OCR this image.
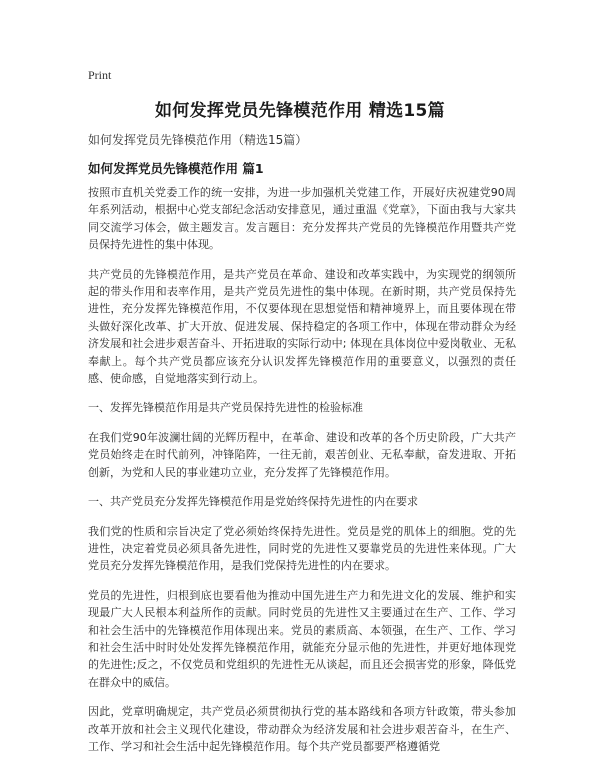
Print
如何发挥党员先锋模范作用 精选15篇
如何发挥党员先锋模范作用（精选15篇）
如何发挥党员先锋模范作用 篇1

按照市直机关党委工作的统一安排，为进一步加强机关党建工作，开展好庆祝建党90周年系列活动，根据中心党支部纪念活动安排意见，通过重温《党章》，下面由我与大家共同交流学习体会，做主题发言。发言题目：充分发挥共产党员的先锋模范作用暨共产党员保持先进性的集中体现。

共产党员的先锋模范作用，是共产党员在革命、建设和改革实践中，为实现党的纲领所起的带头作用和表率作用，是共产党员先进性的集中体现。在新时期，共产党员保持先进性，充分发挥先锋模范作用，不仅要体现在思想觉悟和精神境界上，而且要体现在带头做好深化改革、扩大开放、促进发展、保持稳定的各项工作中，体现在带动群众为经济发展和社会进步艰苦奋斗、开拓进取的实际行动中; 体现在具体岗位中爱岗敬业、无私奉献上。每个共产党员都应该充分认识发挥先锋模范作用的重要意义，以强烈的责任感、使命感，自觉地落实到行动上。

一、发挥先锋模范作用是共产党员保持先进性的检验标准

在我们党90年波澜壮阔的光辉历程中，在革命、建设和改革的各个历史阶段，广大共产党员始终走在时代前列，冲锋陷阵，一往无前，艰苦创业、无私奉献，奋发进取、开拓创新，为党和人民的事业建功立业，充分发挥了先锋模范作用。

一、共产党员充分发挥先锋模范作用是党始终保持先进性的内在要求

我们党的性质和宗旨决定了党必须始终保持先进性。党员是党的肌体上的细胞。党的先进性，决定着党员必须具备先进性，同时党的先进性又要靠党员的先进性来体现。广大党员充分发挥先锋模范作用，是我们党保持先进性的内在要求。

党员的先进性，归根到底也要看他为推动中国先进生产力和先进文化的发展、维护和实现最广大人民根本利益所作的贡献。同时党员的先进性又主要通过在生产、工作、学习和社会生活中的先锋模范作用体现出来。党员的素质高、本领强，在生产、工作、学习和社会生活中时时处处发挥先锋模范作用，就能充分显示他的先进性，并更好地体现党的先进性;反之，不仅党员和党组织的先进性无从谈起，而且还会损害党的形象，降低党在群众中的威信。

因此，党章明确规定，共产党员必须贯彻执行党的基本路线和各项方针政策，带头参加改革开放和社会主义现代化建设，带动群众为经济发展和社会进步艰苦奋斗，在生产、工作、学习和社会生活中起先锋模范作用。每个共产党员都要严格遵循党
